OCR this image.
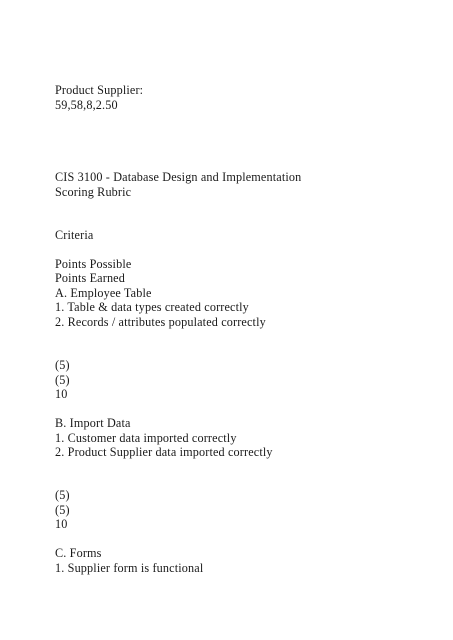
Product Supplier:
59,58,8,2.50
CIS 3100 - Database Design and Implementation
Scoring Rubric
Criteria
Points Possible
Points Earned
A. Employee Table
1. Table & data types created correctly
2. Records / attributes populated correctly
(5)
(5)
10
B. Import Data
1. Customer data imported correctly
2. Product Supplier data imported correctly
(5)
(5)
10
C. Forms
1. Supplier form is functional
